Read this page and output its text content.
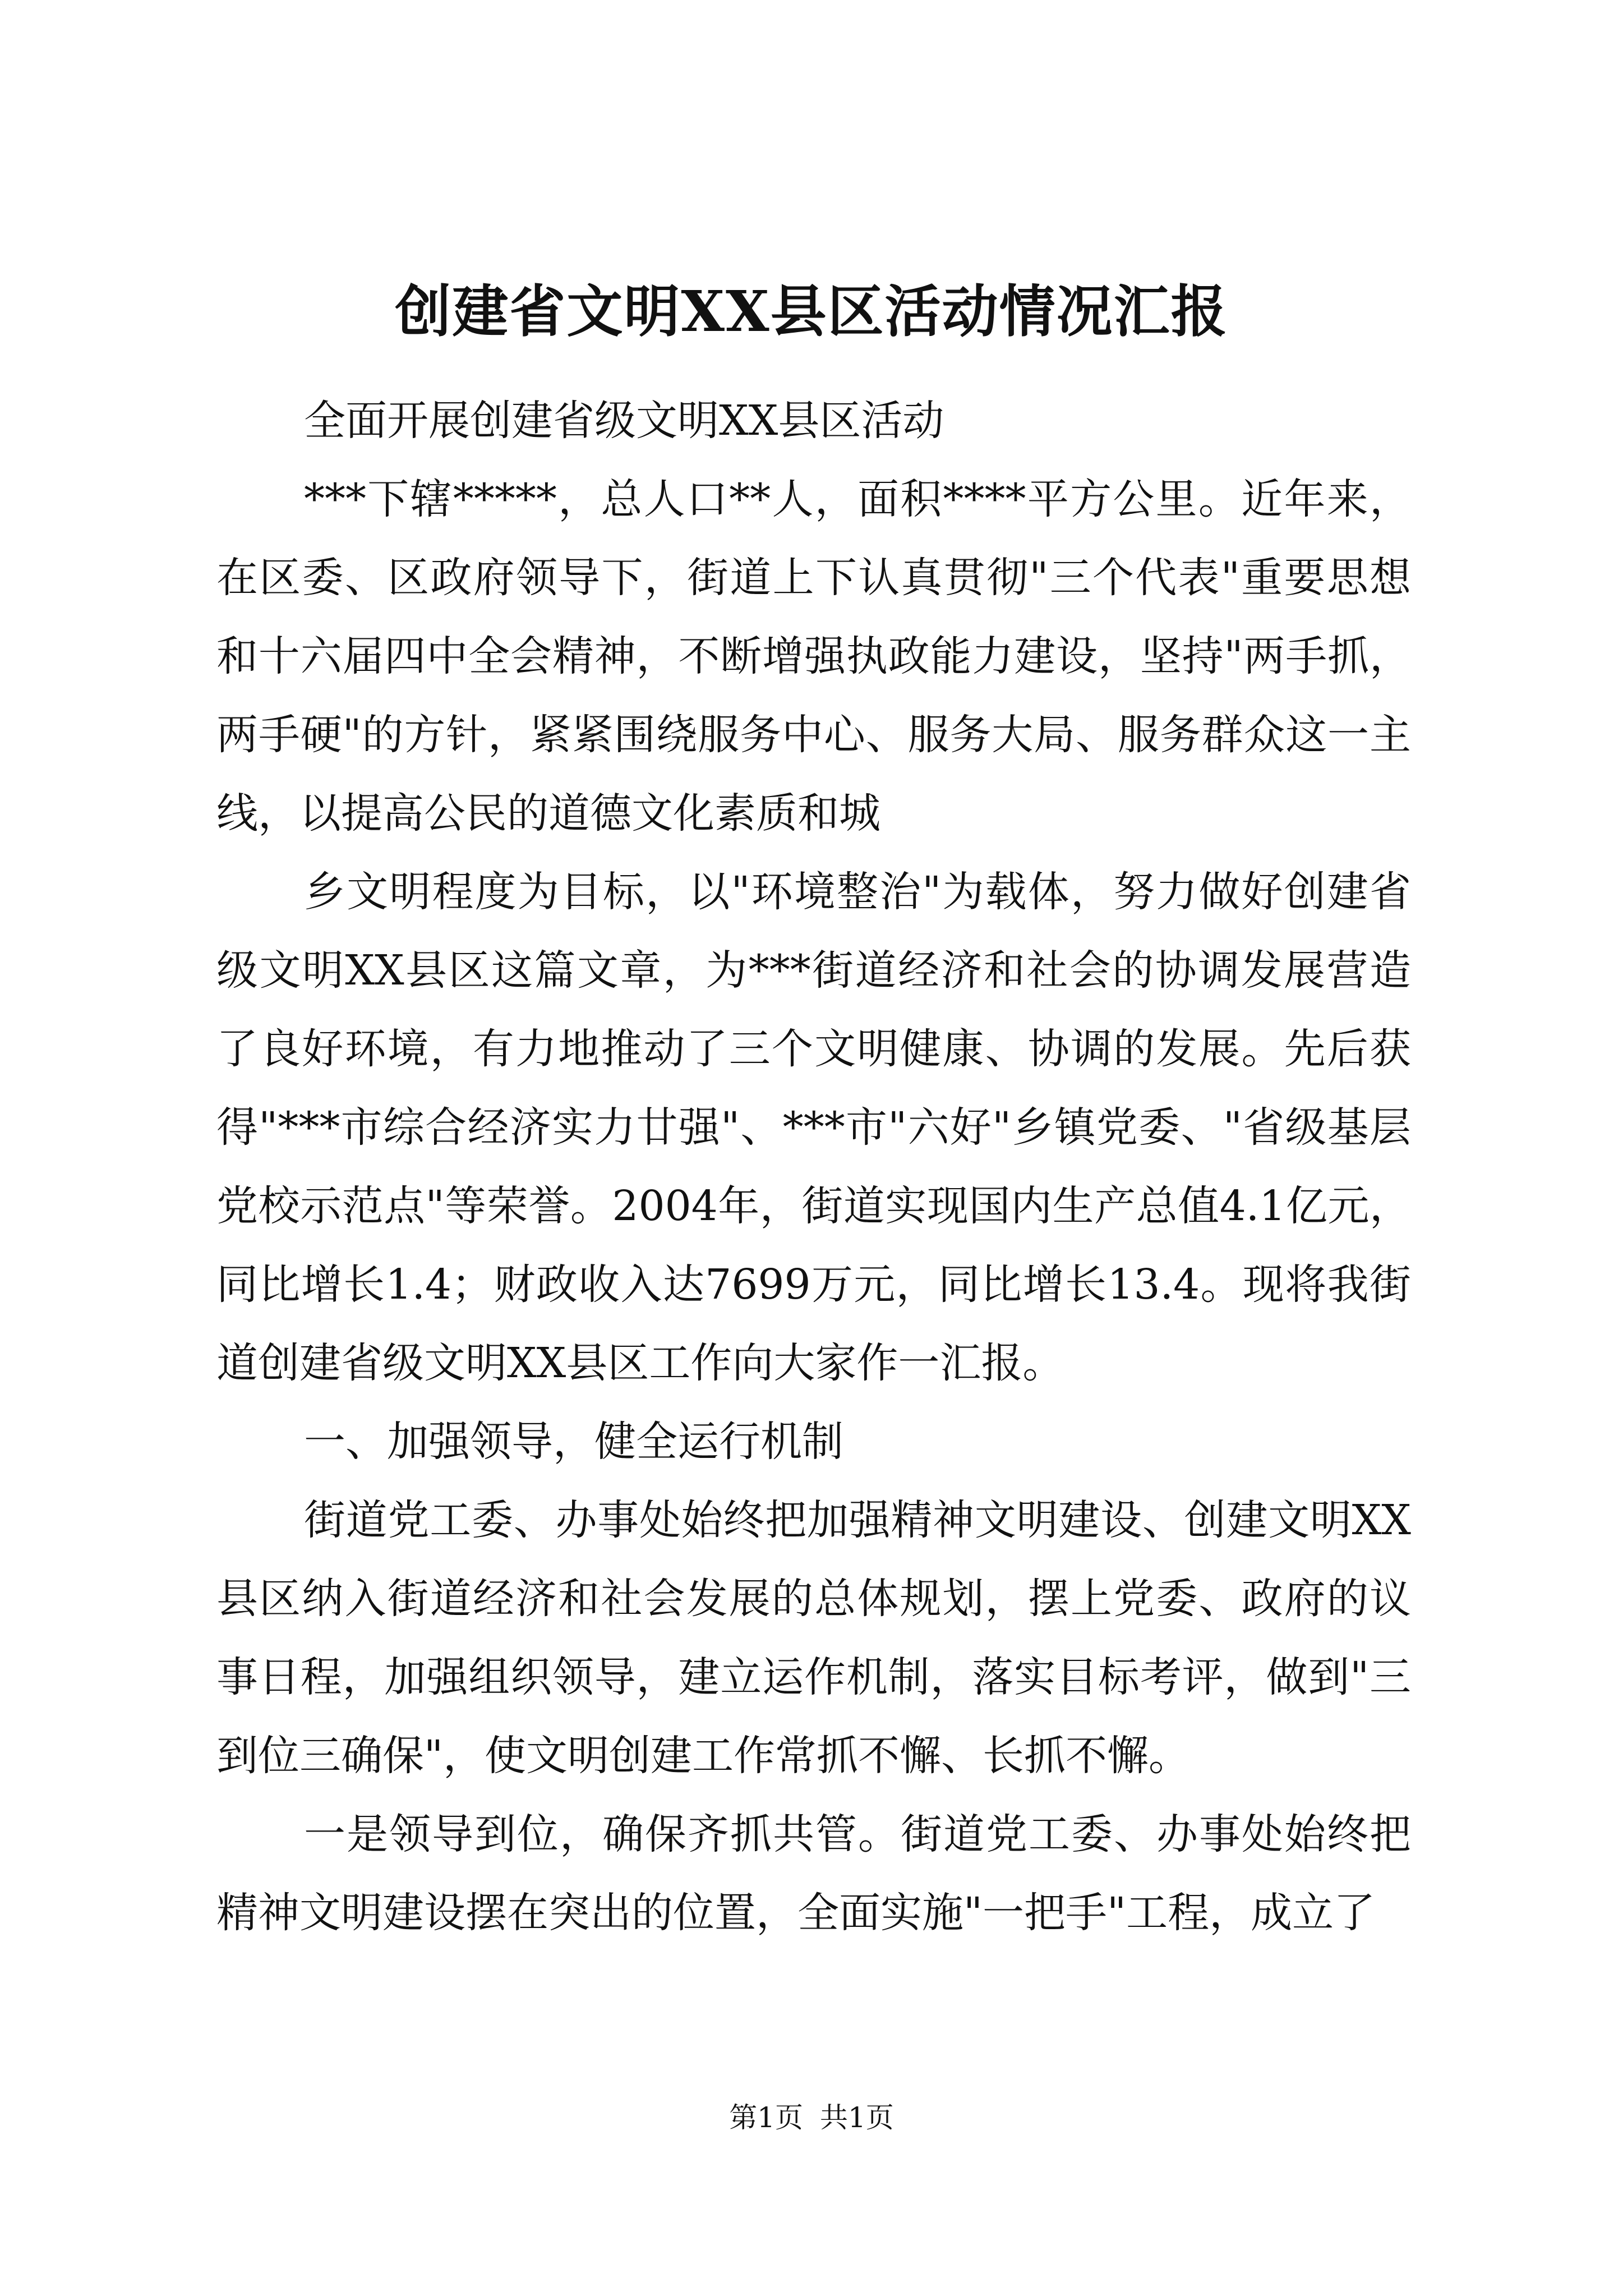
创建省文明XX县区活动情况汇报

全面开展创建省级文明XX县区活动

***下辖*****，总人口**人，面积****平方公里。近年来，在区委、区政府领导下，街道上下认真贯彻"三个代表"重要思想和十六届四中全会精神，不断增强执政能力建设，坚持"两手抓，两手硬"的方针，紧紧围绕服务中心、服务大局、服务群众这一主线，以提高公民的道德文化素质和城

乡文明程度为目标，以"环境整治"为载体，努力做好创建省级文明XX县区这篇文章，为***街道经济和社会的协调发展营造了良好环境，有力地推动了三个文明健康、协调的发展。先后获得"***市综合经济实力廿强"、***市"六好"乡镇党委、"省级基层党校示范点"等荣誉。2004年，街道实现国内生产总值4.1亿元，同比增长1.4；财政收入达7699万元，同比增长13.4。现将我街道创建省级文明XX县区工作向大家作一汇报。

一、加强领导，健全运行机制

街道党工委、办事处始终把加强精神文明建设、创建文明XX县区纳入街道经济和社会发展的总体规划，摆上党委、政府的议事日程，加强组织领导，建立运作机制，落实目标考评，做到"三到位三确保"，使文明创建工作常抓不懈、长抓不懈。

一是领导到位，确保齐抓共管。街道党工委、办事处始终把精神文明建设摆在突出的位置，全面实施"一把手"工程，成立了

第1页 共1页
